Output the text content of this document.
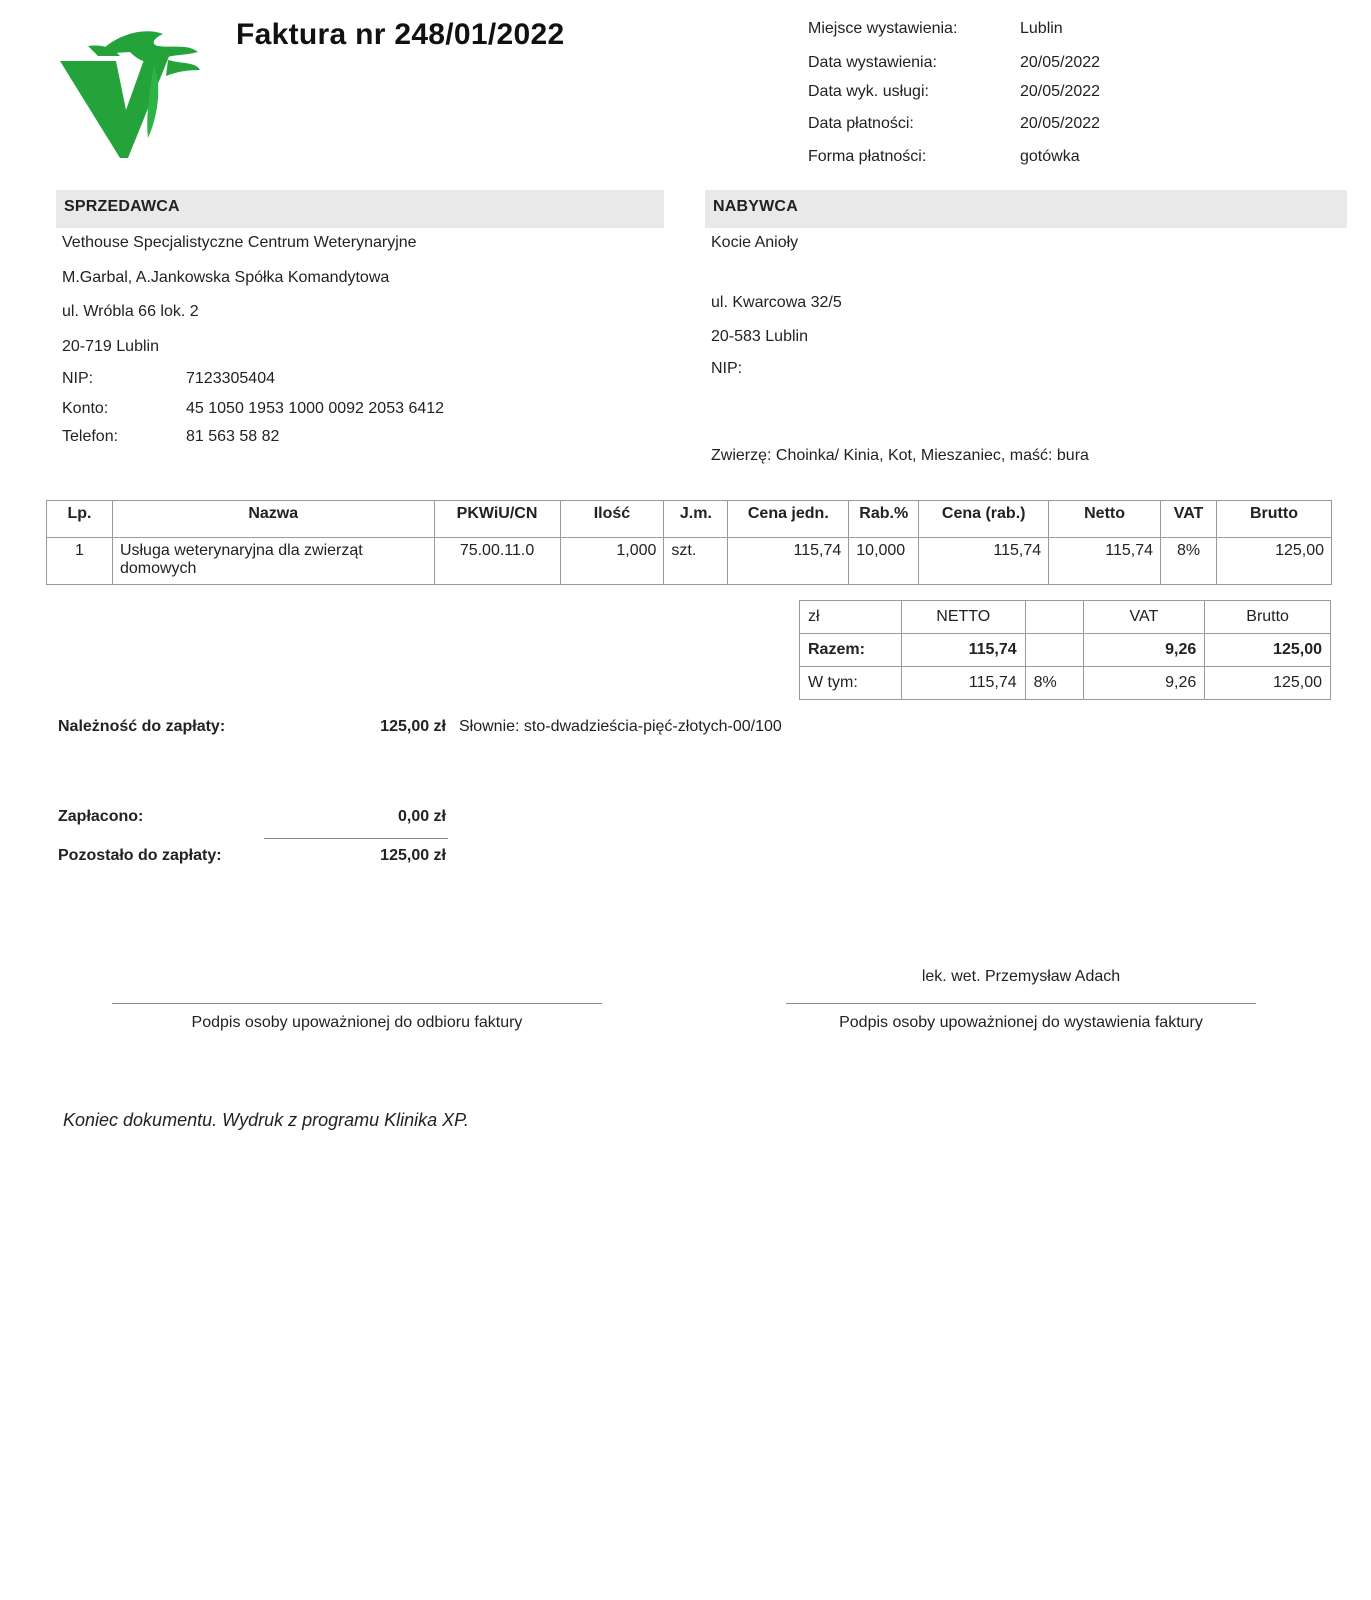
Faktura nr 248/01/2022	Miejsce wystawienia:	Lublin
Data wystawienia:	20/05/2022
Data wyk. usługi:	20/05/2022
Data płatności:	20/05/2022
Forma płatności:	gotówka
SPRZEDAWCA
Vethouse Specjalistyczne Centrum Weterynaryjne
M.Garbal, A.Jankowska Spółka Komandytowa
ul. Wróbla 66 lok. 2
20-719 Lublin
NIP:	7123305404
Konto:	45 1050 1953 1000 0092 2053 6412
Telefon:	81 563 58 82
NABYWCA
Kocie Anioły
ul. Kwarcowa 32/5
20-583 Lublin
NIP:
Zwierzę: Choinka/ Kinia, Kot, Mieszaniec, maść: bura
Lp.	Nazwa	PKWiU/CN	Ilość	J.m.	Cena jedn.	Rab.%	Cena (rab.)	Netto	VAT	Brutto
1	Usługa weterynaryjna dla zwierząt domowych	75.00.11.0	1,000	szt.	115,74	10,000	115,74	115,74	8%	125,00
zł	NETTO		VAT	Brutto
Razem:	115,74		9,26	125,00
W tym:	115,74	8%	9,26	125,00
Należność do zapłaty:	125,00 zł Słownie: sto-dwadzieścia-pięć-złotych-00/100
Zapłacono:	0,00 zł
Pozostało do zapłaty:	125,00 zł
lek. wet. Przemysław Adach
Podpis osoby upoważnionej do odbioru faktury	Podpis osoby upoważnionej do wystawienia faktury
Koniec dokumentu. Wydruk z programu Klinika XP.
